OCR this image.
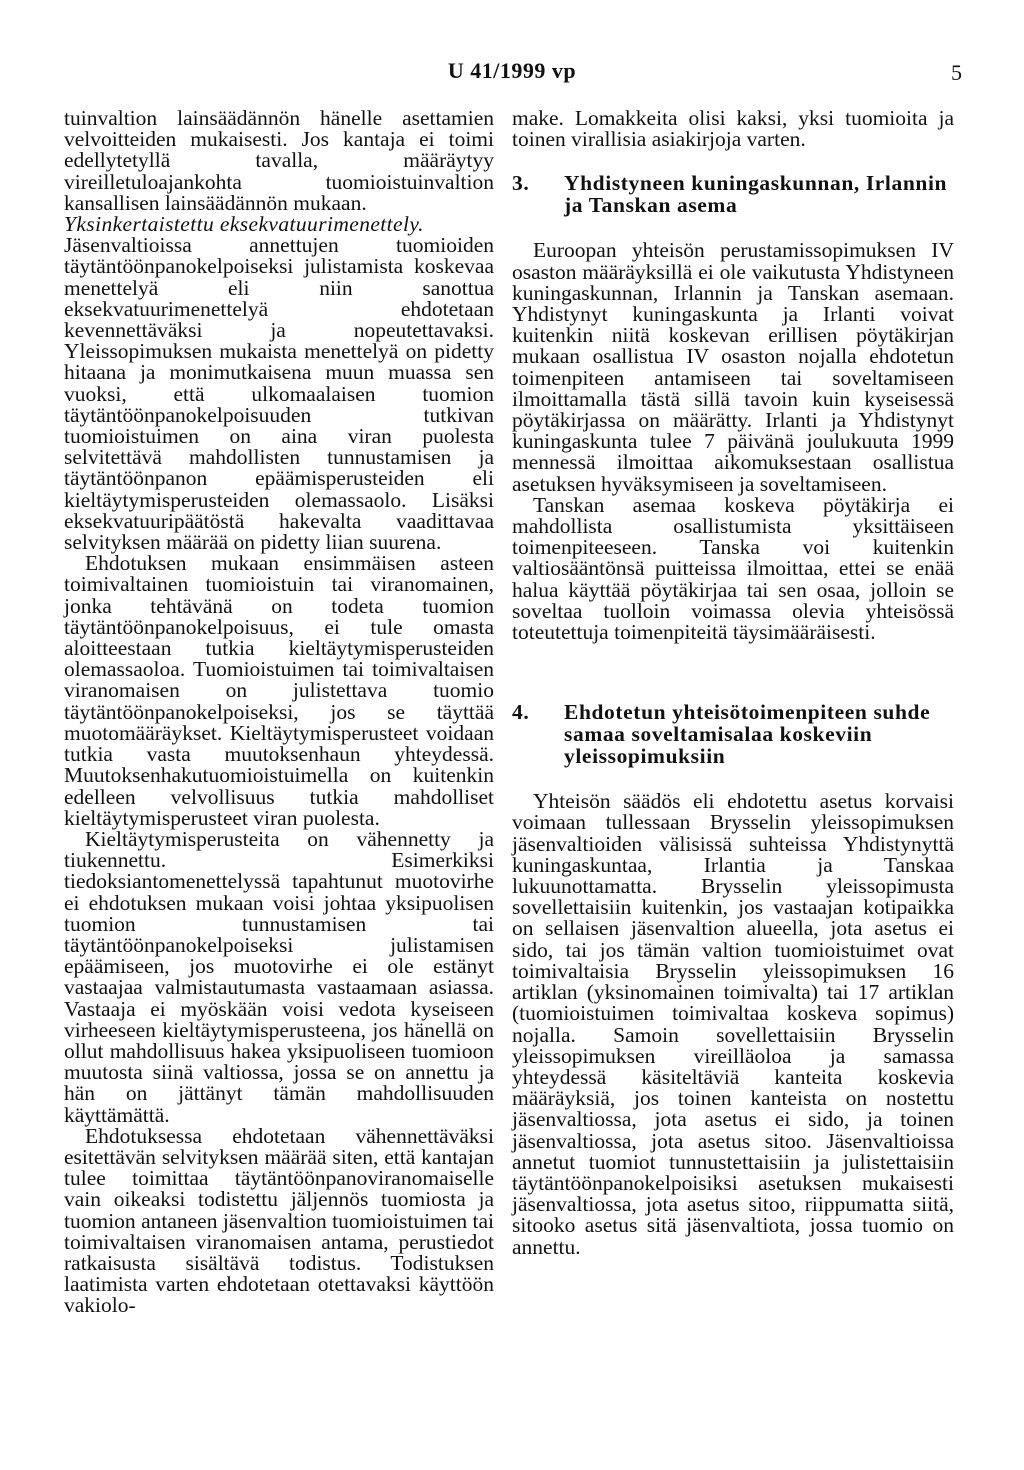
U 41/1999 vp	5

tuinvaltion lainsäädännön hänelle asettamien velvoitteiden mukaisesti. Jos kantaja ei toimi edellytetyllä tavalla, määräytyy vireilletuloajankohta tuomioistuinvaltion kansallisen lainsäädännön mukaan.

Yksinkertaistettu eksekvatuurimenettely.

Jäsenvaltioissa annettujen tuomioiden täytäntöönpanokelpoiseksi julistamista koskevaa menettelyä eli niin sanottua eksekvatuurimenettelyä ehdotetaan kevennettäväksi ja nopeutettavaksi. Yleissopimuksen mukaista menettelyä on pidetty hitaana ja monimutkaisena muun muassa sen vuoksi, että ulkomaalaisen tuomion täytäntöönpanokelpoisuuden tutkivan tuomioistuimen on aina viran puolesta selvitettävä mahdollisten tunnustamisen ja täytäntöönpanon epäämisperusteiden eli kieltäytymisperusteiden olemassaolo. Lisäksi eksekvatuuripäätöstä hakevalta vaadittavaa selvityksen määrää on pidetty liian suurena.

Ehdotuksen mukaan ensimmäisen asteen toimivaltainen tuomioistuin tai viranomainen, jonka tehtävänä on todeta tuomion täytäntöönpanokelpoisuus, ei tule omasta aloitteestaan tutkia kieltäytymisperusteiden olemassaoloa. Tuomioistuimen tai toimivaltaisen viranomaisen on julistettava tuomio täytäntöönpanokelpoiseksi, jos se täyttää muotomääräykset. Kieltäytymisperusteet voidaan tutkia vasta muutoksenhaun yhteydessä. Muutoksenhakutuomioistuimella on kuitenkin edelleen velvollisuus tutkia mahdolliset kieltäytymisperusteet viran puolesta.

Kieltäytymisperusteita on vähennetty ja tiukennettu. Esimerkiksi tiedoksiantomenettelyssä tapahtunut muotovirhe ei ehdotuksen mukaan voisi johtaa yksipuolisen tuomion tunnustamisen tai täytäntöönpanokelpoiseksi julistamisen epäämiseen, jos muotovirhe ei ole estänyt vastaajaa valmistautumasta vastaamaan asiassa. Vastaaja ei myöskään voisi vedota kyseiseen virheeseen kieltäytymisperusteena, jos hänellä on ollut mahdollisuus hakea yksipuoliseen tuomioon muutosta siinä valtiossa, jossa se on annettu ja hän on jättänyt tämän mahdollisuuden käyttämättä.

Ehdotuksessa ehdotetaan vähennettäväksi esitettävän selvityksen määrää siten, että kantajan tulee toimittaa täytäntöönpanoviranomaiselle vain oikeaksi todistettu jäljennös tuomiosta ja tuomion antaneen jäsenvaltion tuomioistuimen tai toimivaltaisen viranomaisen antama, perustiedot ratkaisusta sisältävä todistus. Todistuksen laatimista varten ehdotetaan otettavaksi käyttöön vakiolo-

make. Lomakkeita olisi kaksi, yksi tuomioita ja toinen virallisia asiakirjoja varten.

3.	Yhdistyneen kuningaskunnan, Irlannin ja Tanskan asema

Euroopan yhteisön perustamissopimuksen IV osaston määräyksillä ei ole vaikutusta Yhdistyneen kuningaskunnan, Irlannin ja Tanskan asemaan. Yhdistynyt kuningaskunta ja Irlanti voivat kuitenkin niitä koskevan erillisen pöytäkirjan mukaan osallistua IV osaston nojalla ehdotetun toimenpiteen antamiseen tai soveltamiseen ilmoittamalla tästä sillä tavoin kuin kyseisessä pöytäkirjassa on määrätty. Irlanti ja Yhdistynyt kuningaskunta tulee 7 päivänä joulukuuta 1999 mennessä ilmoittaa aikomuksestaan osallistua asetuksen hyväksymiseen ja soveltamiseen.

Tanskan asemaa koskeva pöytäkirja ei mahdollista osallistumista yksittäiseen toimenpiteeseen. Tanska voi kuitenkin valtiosääntönsä puitteissa ilmoittaa, ettei se enää halua käyttää pöytäkirjaa tai sen osaa, jolloin se soveltaa tuolloin voimassa olevia yhteisössä toteutettuja toimenpiteitä täysimääräisesti.

4.	Ehdotetun yhteisötoimenpiteen suhde samaa soveltamisalaa koskeviin yleissopimuksiin

Yhteisön säädös eli ehdotettu asetus korvaisi voimaan tullessaan Brysselin yleissopimuksen jäsenvaltioiden välisissä suhteissa Yhdistynyttä kuningaskuntaa, Irlantia ja Tanskaa lukuunottamatta. Brysselin yleissopimusta sovellettaisiin kuitenkin, jos vastaajan kotipaikka on sellaisen jäsenvaltion alueella, jota asetus ei sido, tai jos tämän valtion tuomioistuimet ovat toimivaltaisia Brysselin yleissopimuksen 16 artiklan (yksinomainen toimivalta) tai 17 artiklan (tuomioistuimen toimivaltaa koskeva sopimus) nojalla. Samoin sovellettaisiin Brysselin yleissopimuksen vireilläoloa ja samassa yhteydessä käsiteltäviä kanteita koskevia määräyksiä, jos toinen kanteista on nostettu jäsenvaltiossa, jota asetus ei sido, ja toinen jäsenvaltiossa, jota asetus sitoo. Jäsenvaltioissa annetut tuomiot tunnustettaisiin ja julistettaisiin täytäntöönpanokelpoisiksi asetuksen mukaisesti jäsenvaltiossa, jota asetus sitoo, riippumatta siitä, sitooko asetus sitä jäsenvaltiota, jossa tuomio on annettu.
